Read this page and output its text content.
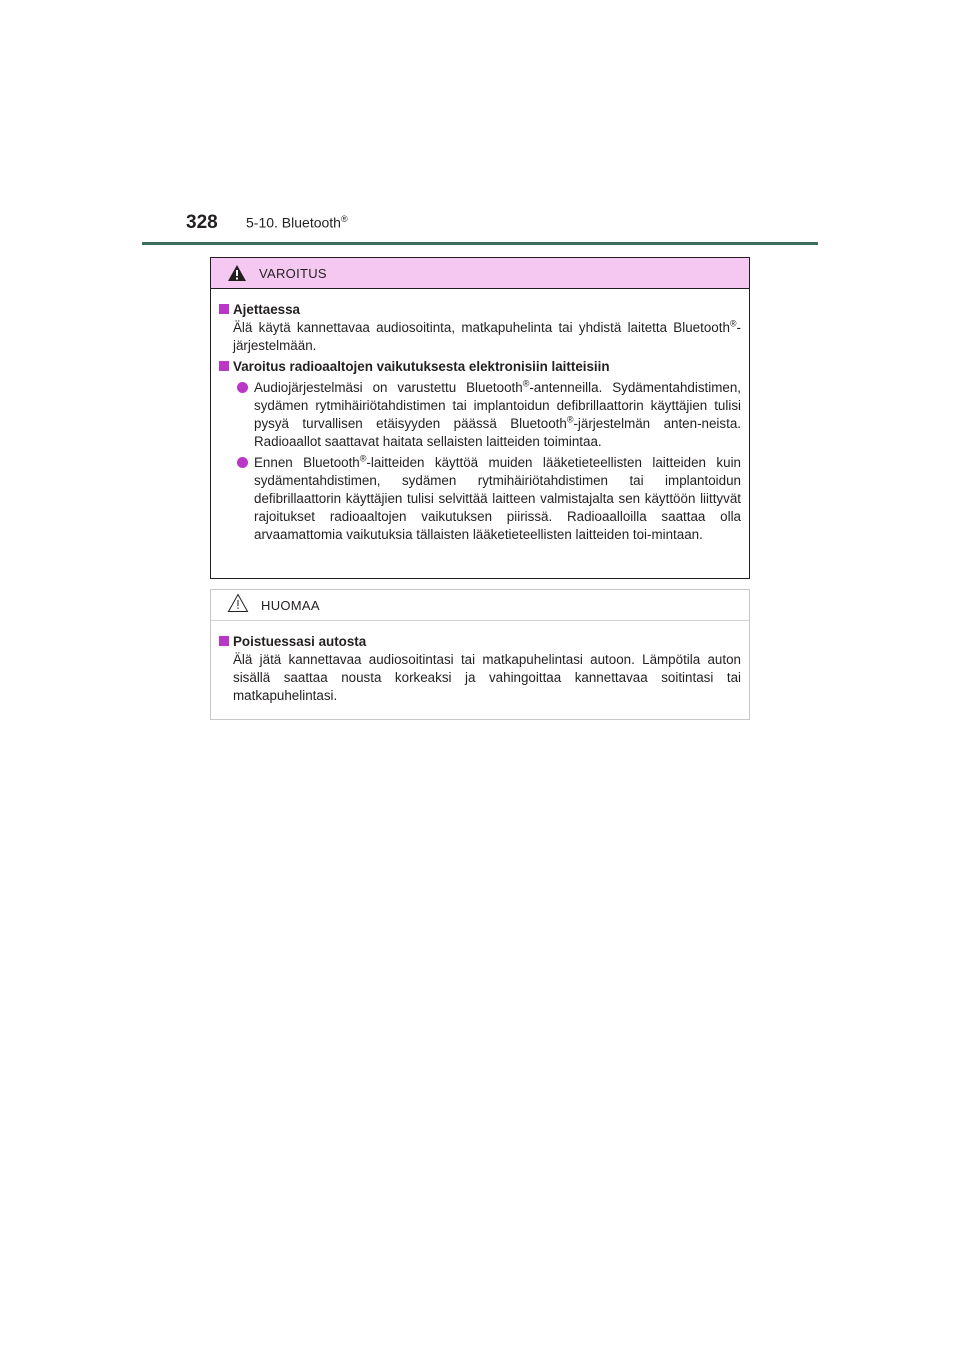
328	5-10. Bluetooth®
VAROITUS
Ajettaessa
Älä käytä kannettavaa audiosoitinta, matkapuhelinta tai yhdistä laitetta Bluetooth®-järjestelmään.
Varoitus radioaaltojen vaikutuksesta elektronisiin laitteisiin
Audiojärjestelmäsi on varustettu Bluetooth®-antenneilla. Sydämentahdistimen, sydämen rytmihäiriötahdistimen tai implantoidun defibrillaattorin käyttäjien tulisi pysyä turvallisen etäisyyden päässä Bluetooth®-järjestelmän anten-neista. Radioaallot saattavat haitata sellaisten laitteiden toimintaa.
Ennen Bluetooth®-laitteiden käyttöä muiden lääketieteellisten laitteiden kuin sydämentahdistimen, sydämen rytmihäiriötahdistimen tai implantoidun defibrillaattorin käyttäjien tulisi selvittää laitteen valmistajalta sen käyttöön liittyvät rajoitukset radioaaltojen vaikutuksen piirissä. Radioaalloilla saattaa olla arvaamattomia vaikutuksia tällaisten lääketieteellisten laitteiden toi-mintaan.
HUOMAA
Poistuessasi autosta
Älä jätä kannettavaa audiosoitintasi tai matkapuhelintasi autoon. Lämpötila auton sisällä saattaa nousta korkeaksi ja vahingoittaa kannettavaa soitintasi tai matkapuhelintasi.
